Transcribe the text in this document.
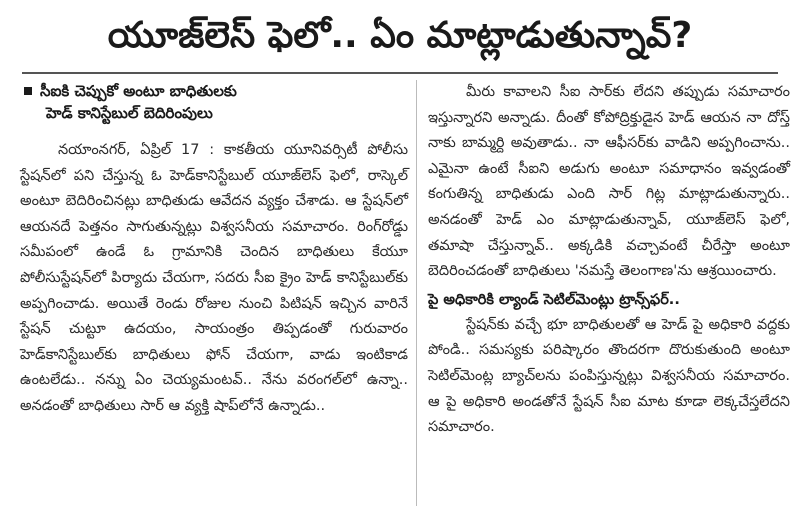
యూజ్‌లెస్ ఫెలో.. ఏం మాట్లాడుతున్నావ్?
సీఐకి చెప్పుకో అంటూ బాధితులకు
హెడ్ కానిస్టేబుల్ బెదిరింపులు

నయాంనగర్, ఏప్రిల్ 17 : కాకతీయ యూనివర్సిటీ పోలీసు స్టేషన్‌లో పని చేస్తున్న ఓ హెడ్‌కానిస్టేబుల్ యూజ్‌లెస్ ఫెలో, రాస్కెల్ అంటూ బెదిరించినట్లు బాధితుడు ఆవేదన వ్యక్తం చేశాడు. ఆ స్టేషన్‌లో ఆయనదే పెత్తనం సాగుతున్నట్లు విశ్వసనీయ సమాచారం. రింగ్‌రోడ్డు సమీపంలో ఉండే ఓ గ్రామానికి చెందిన బాధితులు కేయూ పోలీసుస్టేషన్‌లో పిర్యాదు చేయగా, సదరు సీఐ క్రైం హెడ్ కానిస్టేబుల్‌కు అప్పగించాడు. అయితే రెండు రోజుల నుంచి పిటిషన్ ఇచ్చిన వారినే స్టేషన్ చుట్టూ ఉదయం, సాయంత్రం తిప్పడంతో గురువారం హెడ్‌కానిస్టేబుల్‌కు బాధితులు ఫోన్ చేయగా, వాడు ఇంటికాడ ఉంటలేడు.. నన్ను ఏం చెయ్యమంటవ్.. నేను వరంగల్‌లో ఉన్నా.. అనడంతో బాధితులు సార్ ఆ వ్యక్తి షాప్‌లోనే ఉన్నాడు..

మీరు కావాలని సీఐ సార్‌కు లేదని తప్పుడు సమాచారం ఇస్తున్నారని అన్నాడు. దీంతో కోపోద్రిక్తుడైన హెడ్ ఆయన నా దోస్త్ నాకు బామ్మర్ది అవుతాడు.. నా ఆఫీసర్‌కు వాడిని అప్పగించాను.. ఎమైనా ఉంటే సీఐని అడుగు అంటూ సమాధానం ఇవ్వడంతో కంగుతిన్న బాధితుడు ఎంది సార్ గిట్ల మాట్లాడుతున్నారు.. అనడంతో హెడ్ ఎం మాట్లాడుతున్నావ్, యూజ్‌లెస్ ఫెలో, తమాషా చేస్తున్నావ్.. అక్కడికి వచ్చావంటే చీరేస్తా అంటూ బెదిరించడంతో బాధితులు 'నమస్తే తెలంగాణ'ను ఆశ్రయించారు.

పై అధికారికి ల్యాండ్ సెటిల్‌మెంట్లు ట్రాన్స్‌ఫర్..

స్టేషన్‌కు వచ్చే భూ బాధితులతో ఆ హెడ్ పై అధికారి వద్దకు పోండి.. సమస్యకు పరిష్కారం తొందరగా దొరుకుతుంది అంటూ సెటిల్‌మెంట్ల బ్యాచ్‌లను పంపిస్తున్నట్లు విశ్వసనీయ సమాచారం. ఆ పై అధికారి అండతోనే స్టేషన్ సీఐ మాట కూడా లెక్కచేస్తలేదని సమాచారం.
